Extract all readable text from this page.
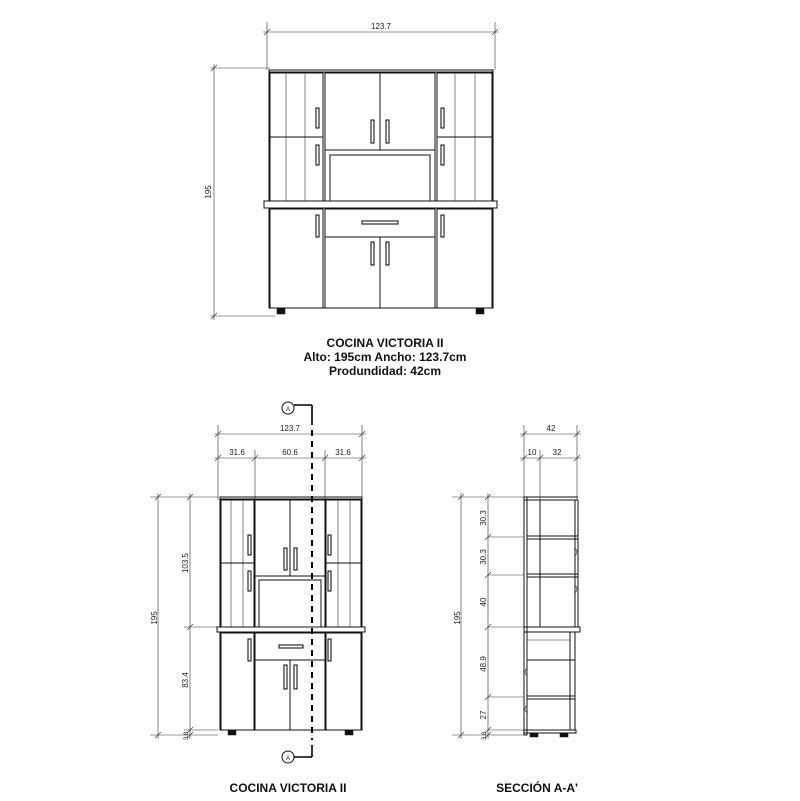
123.7
195
COCINA VICTORIA II
Alto: 195cm Ancho: 123.7cm
Produndidad: 42cm
A
A
123.7
31.6	60.6	31.6
195
103.5
83.4
3.8
COCINA VICTORIA II
42
10 32
195
30.3
30.3
40
48.9
27
3.8
SECCIÓN A-A'
